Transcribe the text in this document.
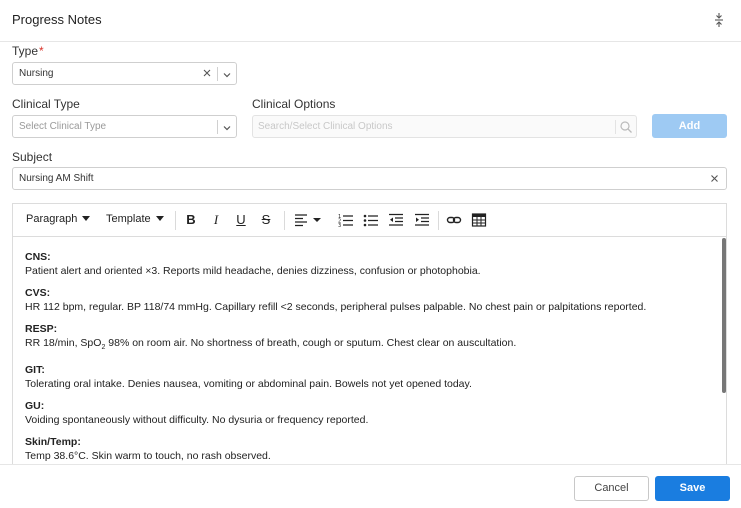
Progress Notes
Type*
Nursing
Clinical Type
Select Clinical Type
Clinical Options
Search/Select Clinical Options	Add
Subject
Nursing AM Shift
Paragraph	Template	B	I	U S	1
2
3
CNS:
Patient alert and oriented ×3. Reports mild headache, denies dizziness, confusion or photophobia.
CVS:
HR 112 bpm, regular. BP 118/74 mmHg. Capillary refill <2 seconds, peripheral pulses palpable. No chest pain or palpitations reported.
RESP:
RR 18/min, SpO$_2$ 98% on room air. No shortness of breath, cough or sputum. Chest clear on auscultation.
GIT:
Tolerating oral intake. Denies nausea, vomiting or abdominal pain. Bowels not yet opened today.
GU:
Voiding spontaneously without difficulty. No dysuria or frequency reported.
Skin/Temp:
Temp 38.6°C. Skin warm to touch, no rash observed.
Cancel	Save
